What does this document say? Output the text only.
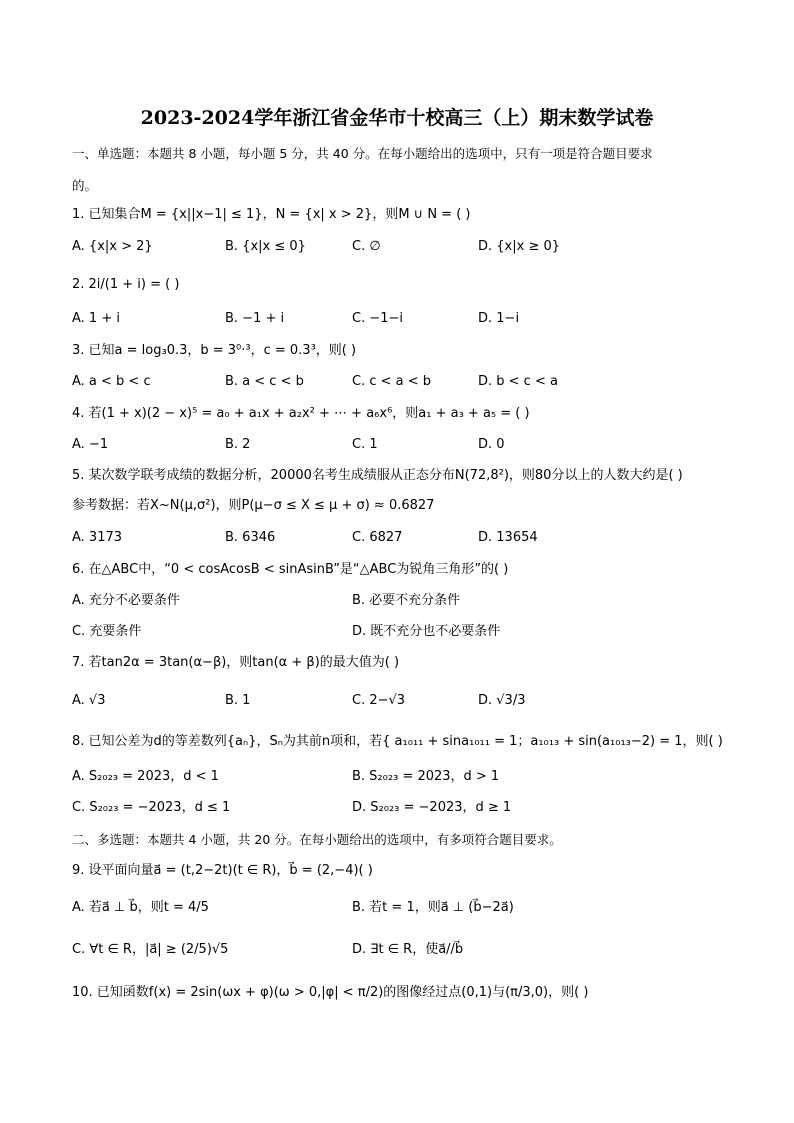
2023-2024学年浙江省金华市十校高三（上）期末数学试卷
一、单选题：本题共 8 小题，每小题 5 分，共 40 分。在每小题给出的选项中，只有一项是符合题目要求
的。
1. 已知集合M = {x||x−1| ≤ 1}，N = {x| x > 2}，则M ∪ N = ( )
A. {x|x > 2}	B. {x|x ≤ 0}	C. ∅	D. {x|x ≥ 0}
2. 2i/(1 + i) = ( )
A. 1 + i	B. −1 + i	C. −1−i	D. 1−i
3. 已知a = log₃0.3，b = 3⁰·³，c = 0.3³，则( )
A. a < b < c	B. a < c < b	C. c < a < b	D. b < c < a
4. 若(1 + x)(2 − x)⁵ = a₀ + a₁x + a₂x² + ⋯ + a₆x⁶，则a₁ + a₃ + a₅ = ( )
A. −1	B. 2	C. 1	D. 0
5. 某次数学联考成绩的数据分析，20000名考生成绩服从正态分布N(72,8²)，则80分以上的人数大约是( )
参考数据：若X~N(μ,σ²)，则P(μ−σ ≤ X ≤ μ + σ) ≈ 0.6827
A. 3173	B. 6346	C. 6827	D. 13654
6. 在△ABC中，“0 < cosAcosB < sinAsinB”是“△ABC为锐角三角形”的( )
A. 充分不必要条件	B. 必要不充分条件
C. 充要条件	D. 既不充分也不必要条件
7. 若tan2α = 3tan(α−β)，则tan(α + β)的最大值为( )
A. √3	B. 1	C. 2−√3	D. √3/3
8. 已知公差为d的等差数列{aₙ}，Sₙ为其前n项和，若{ a₁₀₁₁ + sina₁₀₁₁ = 1；a₁₀₁₃ + sin(a₁₀₁₃−2) = 1，则( )
A. S₂₀₂₃ = 2023，d < 1	B. S₂₀₂₃ = 2023，d > 1
C. S₂₀₂₃ = −2023，d ≤ 1	D. S₂₀₂₃ = −2023，d ≥ 1
二、多选题：本题共 4 小题，共 20 分。在每小题给出的选项中，有多项符合题目要求。
9. 设平面向量a⃗ = (t,2−2t)(t ∈ R)，b⃗ = (2,−4)( )
A. 若a⃗ ⊥ b⃗，则t = 4/5	B. 若t = 1，则a⃗ ⊥ (b⃗−2a⃗)
C. ∀t ∈ R，|a⃗| ≥ (2/5)√5	D. ∃t ∈ R，使a⃗//b⃗
10. 已知函数f(x) = 2sin(ωx + φ)(ω > 0,|φ| < π/2)的图像经过点(0,1)与(π/3,0)，则( )
